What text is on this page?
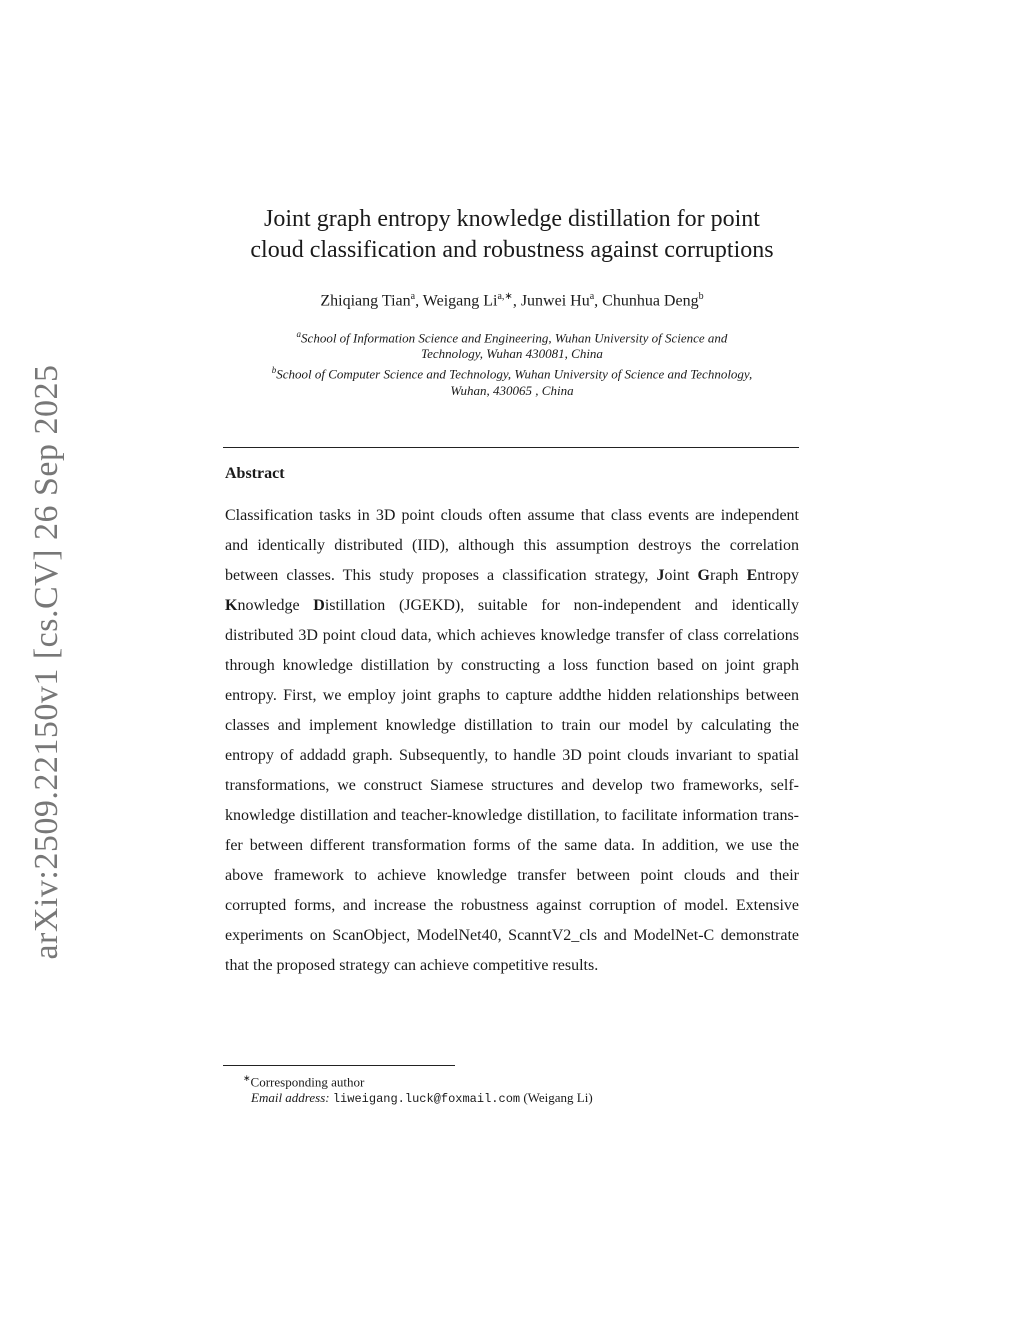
arXiv:2509.22150v1 [cs.CV] 26 Sep 2025
Joint graph entropy knowledge distillation for point
cloud classification and robustness against corruptions
Zhiqiang Tian$^a$, Weigang $Li^{a,∗}$, Junwei Hu$^a$, Chunhua Deng$^b$
$^a$School of Information Science and Engineering, Wuhan University of Science and
Technology, Wuhan 430081, China
$^b$School of Computer Science and Technology, Wuhan University of Science and Technology,
Wuhan, 430065 , China
Abstract
Classification tasks in 3D point clouds often assume that class events are independent and identically distributed (IID), although this assumption destroys the correlation between classes. This study proposes a classification strategy, Joint Graph Entropy Knowledge Distillation (JGEKD), suitable for non-independent and identically distributed 3D point cloud data, which achieves knowledge transfer of class correlations through knowledge distillation by constructing a loss function based on joint graph entropy. First, we employ joint graphs to capture addthe hidden relationships between classes and implement knowledge distillation to train our model by calculating the entropy of addadd graph. Subsequently, to handle 3D point clouds invariant to spatial transformations, we construct Siamese structures and develop two frameworks, self-knowledge distillation and teacher-knowledge distillation, to facilitate information transfer between different transformation forms of the same data. In addition, we use the above framework to achieve knowledge transfer between point clouds and their corrupted forms, and increase the robustness against corruption of model. Extensive experiments on ScanObject, ModelNet40, ScanntV2_cls and ModelNet-C demonstrate that the proposed strategy can achieve competitive results.
∗Corresponding author
Email address: liweigang.luck@foxmail.com (Weigang Li)
